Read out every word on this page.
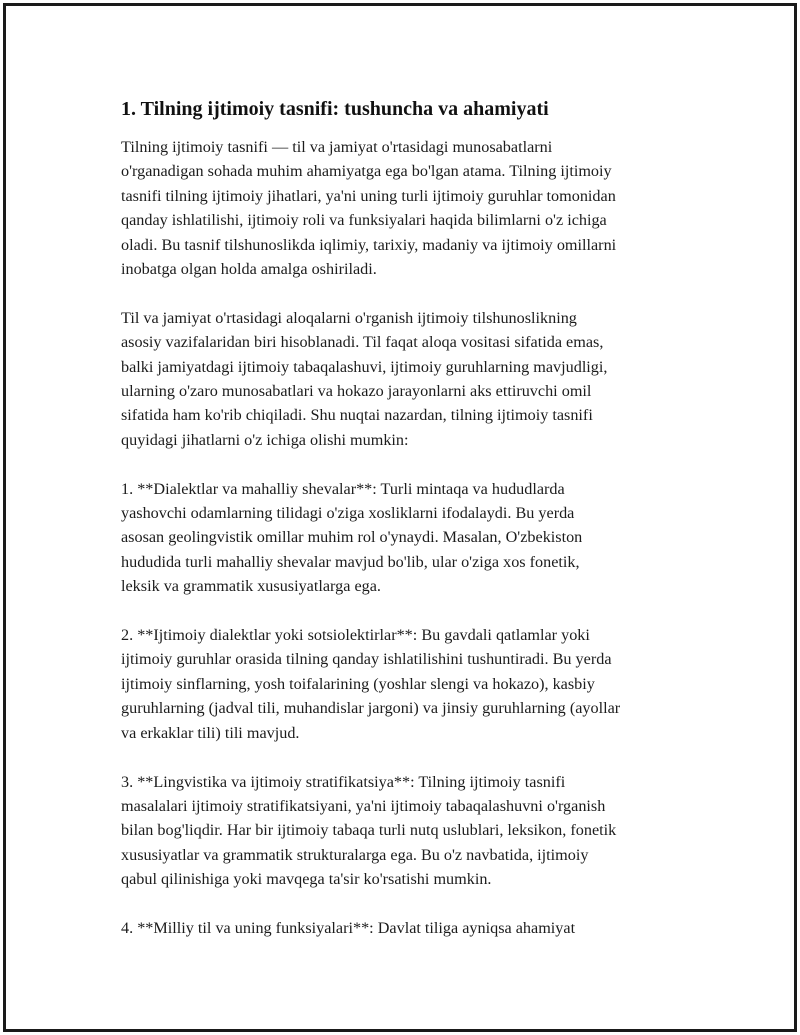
1. Tilning ijtimoiy tasnifi: tushuncha va ahamiyati

Tilning ijtimoiy tasnifi — til va jamiyat o'rtasidagi munosabatlarni
o'rganadigan sohada muhim ahamiyatga ega bo'lgan atama. Tilning ijtimoiy
tasnifi tilning ijtimoiy jihatlari, ya'ni uning turli ijtimoiy guruhlar tomonidan
qanday ishlatilishi, ijtimoiy roli va funksiyalari haqida bilimlarni o'z ichiga
oladi. Bu tasnif tilshunoslikda iqlimiy, tarixiy, madaniy va ijtimoiy omillarni
inobatga olgan holda amalga oshiriladi.

Til va jamiyat o'rtasidagi aloqalarni o'rganish ijtimoiy tilshunoslikning
asosiy vazifalaridan biri hisoblanadi. Til faqat aloqa vositasi sifatida emas,
balki jamiyatdagi ijtimoiy tabaqalashuvi, ijtimoiy guruhlarning mavjudligi,
ularning o'zaro munosabatlari va hokazo jarayonlarni aks ettiruvchi omil
sifatida ham ko'rib chiqiladi. Shu nuqtai nazardan, tilning ijtimoiy tasnifi
quyidagi jihatlarni o'z ichiga olishi mumkin:

1. **Dialektlar va mahalliy shevalar**: Turli mintaqa va hududlarda
yashovchi odamlarning tilidagi o'ziga xosliklarni ifodalaydi. Bu yerda
asosan geolingvistik omillar muhim rol o'ynaydi. Masalan, O'zbekiston
hududida turli mahalliy shevalar mavjud bo'lib, ular o'ziga xos fonetik,
leksik va grammatik xususiyatlarga ega.

2. **Ijtimoiy dialektlar yoki sotsiolektirlar**: Bu gavdali qatlamlar yoki
ijtimoiy guruhlar orasida tilning qanday ishlatilishini tushuntiradi. Bu yerda
ijtimoiy sinflarning, yosh toifalarining (yoshlar slengi va hokazo), kasbiy
guruhlarning (jadval tili, muhandislar jargoni) va jinsiy guruhlarning (ayollar
va erkaklar tili) tili mavjud.

3. **Lingvistika va ijtimoiy stratifikatsiya**: Tilning ijtimoiy tasnifi
masalalari ijtimoiy stratifikatsiyani, ya'ni ijtimoiy tabaqalashuvni o'rganish
bilan bog'liqdir. Har bir ijtimoiy tabaqa turli nutq uslublari, leksikon, fonetik
xususiyatlar va grammatik strukturalarga ega. Bu o'z navbatida, ijtimoiy
qabul qilinishiga yoki mavqega ta'sir ko'rsatishi mumkin.

4. **Milliy til va uning funksiyalari**: Davlat tiliga ayniqsa ahamiyat
